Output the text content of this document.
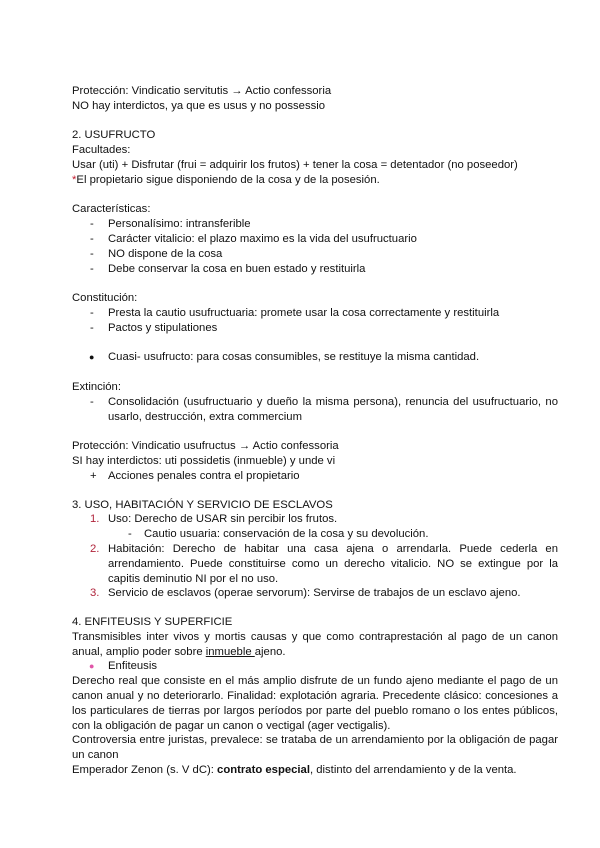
Protección: Vindicatio servitutis → Actio confessoria
NO hay interdictos, ya que es usus y no possessio
2. USUFRUCTO
Facultades:
Usar (uti) + Disfrutar (frui = adquirir los frutos) + tener la cosa = detentador (no poseedor)
*El propietario sigue disponiendo de la cosa y de la posesión.
Características:
- Personalísimo: intransferible
- Carácter vitalicio: el plazo maximo es la vida del usufructuario
- NO dispone de la cosa
- Debe conservar la cosa en buen estado y restituirla
Constitución:
- Presta la cautio usufructuaria: promete usar la cosa correctamente y restituirla
- Pactos y stipulationes
● Cuasi- usufructo: para cosas consumibles, se restituye la misma cantidad.
Extinción:
- Consolidación (usufructuario y dueño la misma persona), renuncia del usufructuario, no usarlo, destrucción, extra commercium
Protección: Vindicatio usufructus → Actio confessoria
SI hay interdictos: uti possidetis (inmueble) y unde vi
+ Acciones penales contra el propietario
3. USO, HABITACIÓN Y SERVICIO DE ESCLAVOS
1. Uso: Derecho de USAR sin percibir los frutos.
- Cautio usuaria: conservación de la cosa y su devolución.
2. Habitación: Derecho de habitar una casa ajena o arrendarla. Puede cederla en arrendamiento. Puede constituirse como un derecho vitalicio. NO se extingue por la capitis deminutio NI por el no uso.
3. Servicio de esclavos (operae servorum): Servirse de trabajos de un esclavo ajeno.
4. ENFITEUSIS Y SUPERFICIE
Transmisibles inter vivos y mortis causas y que como contraprestación al pago de un canon anual, amplio poder sobre inmueble ajeno.
● Enfiteusis
Derecho real que consiste en el más amplio disfrute de un fundo ajeno mediante el pago de un canon anual y no deteriorarlo. Finalidad: explotación agraria. Precedente clásico: concesiones a los particulares de tierras por largos períodos por parte del pueblo romano o los entes públicos, con la obligación de pagar un canon o vectigal (ager vectigalis).
Controversia entre juristas, prevalece: se trataba de un arrendamiento por la obligación de pagar un canon
Emperador Zenon (s. V dC): contrato especial, distinto del arrendamiento y de la venta.
